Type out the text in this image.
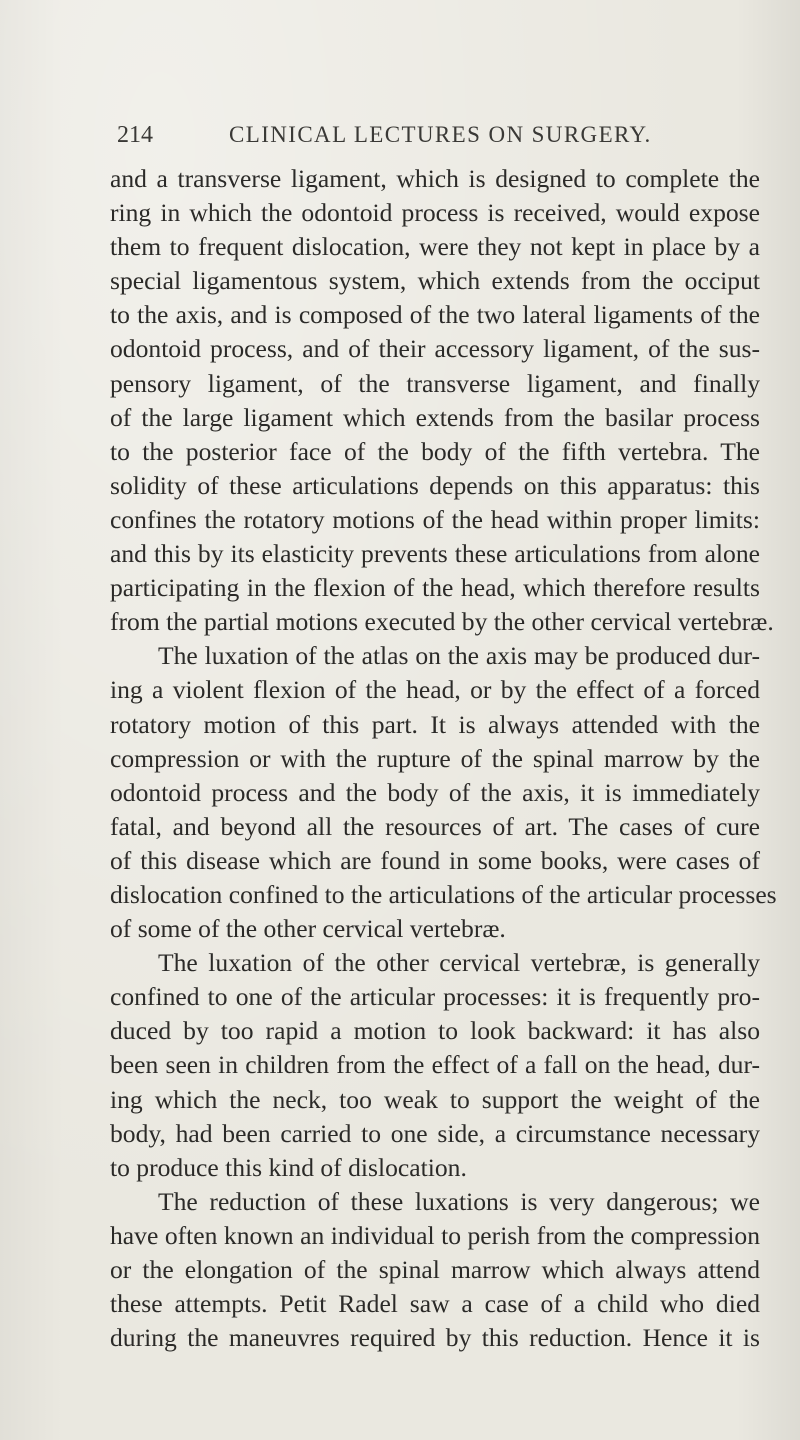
214	CLINICAL LECTURES ON SURGERY.
and a transverse ligament, which is designed to complete the
ring in which the odontoid process is received, would expose
them to frequent dislocation, were they not kept in place by a
special ligamentous system, which extends from the occiput
to the axis, and is composed of the two lateral ligaments of the
odontoid process, and of their accessory ligament, of the sus-
pensory ligament, of the transverse ligament, and finally
of the large ligament which extends from the basilar process
to the posterior face of the body of the fifth vertebra. The
solidity of these articulations depends on this apparatus: this
confines the rotatory motions of the head within proper limits:
and this by its elasticity prevents these articulations from alone
participating in the flexion of the head, which therefore results
from the partial motions executed by the other cervical vertebræ.
The luxation of the atlas on the axis may be produced dur-
ing a violent flexion of the head, or by the effect of a forced
rotatory motion of this part. It is always attended with the
compression or with the rupture of the spinal marrow by the
odontoid process and the body of the axis, it is immediately
fatal, and beyond all the resources of art. The cases of cure
of this disease which are found in some books, were cases of
dislocation confined to the articulations of the articular processes
of some of the other cervical vertebræ.
The luxation of the other cervical vertebræ, is generally
confined to one of the articular processes: it is frequently pro-
duced by too rapid a motion to look backward: it has also
been seen in children from the effect of a fall on the head, dur-
ing which the neck, too weak to support the weight of the
body, had been carried to one side, a circumstance necessary
to produce this kind of dislocation.
The reduction of these luxations is very dangerous; we
have often known an individual to perish from the compression
or the elongation of the spinal marrow which always attend
these attempts. Petit Radel saw a case of a child who died
during the maneuvres required by this reduction. Hence it is
